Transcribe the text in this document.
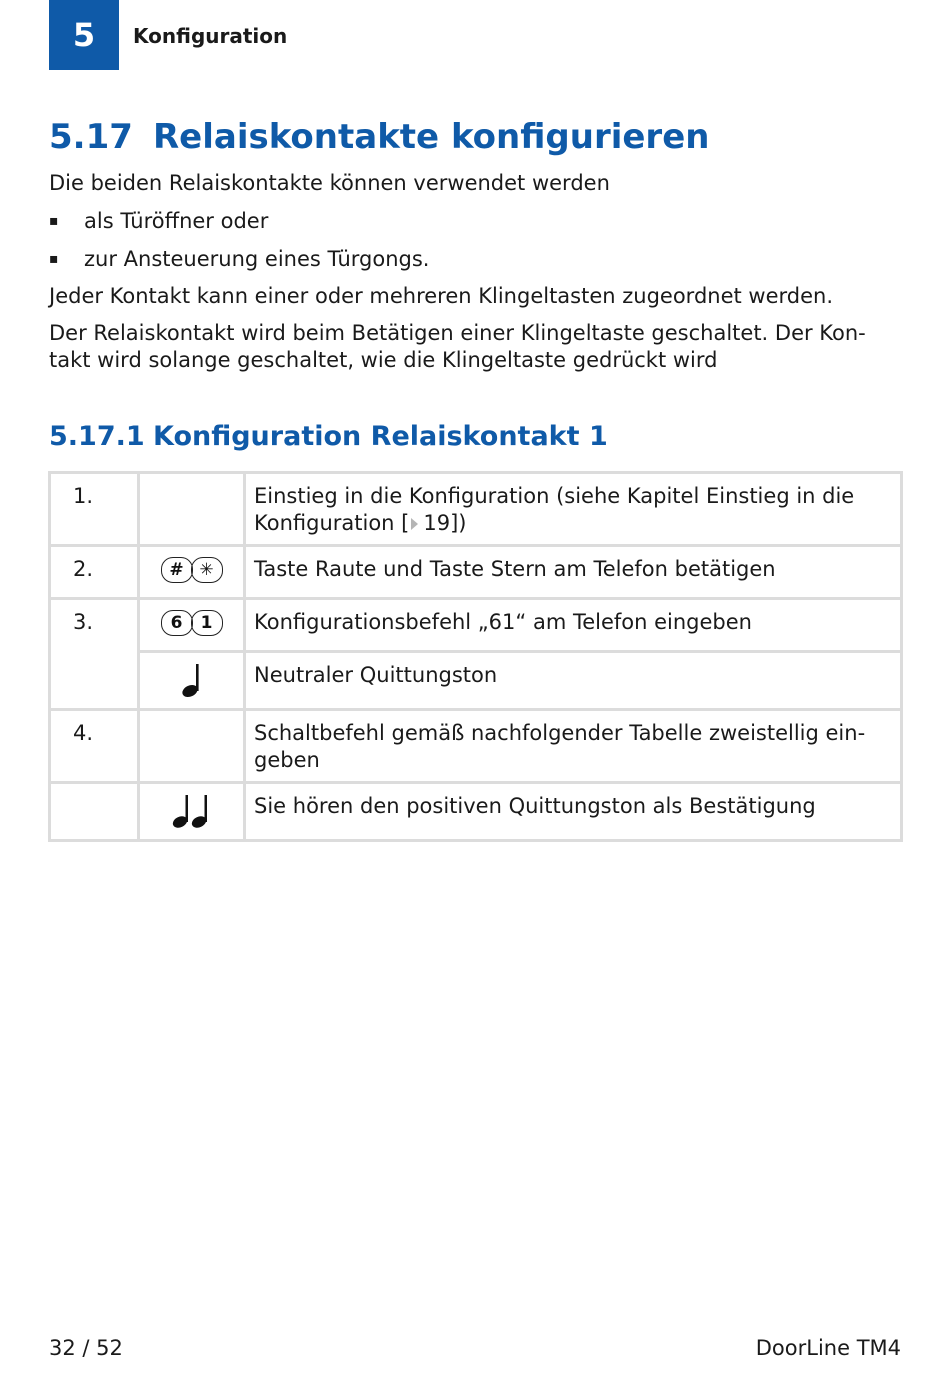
5 Konfiguration
5.17 Relaiskontakte konfigurieren
Die beiden Relaiskontakte können verwendet werden
▪ als Türöffner oder
▪ zur Ansteuerung eines Türgongs.
Jeder Kontakt kann einer oder mehreren Klingeltasten zugeordnet werden.
Der Relaiskontakt wird beim Betätigen einer Klingeltaste geschaltet. Der Kon-
takt wird solange geschaltet, wie die Klingeltaste gedrückt wird
5.17.1 Konfiguration Relaiskontakt 1
1.		Einstieg in die Konfiguration (siehe Kapitel Einstieg in die
Konfiguration [ 19])

2.	# ✳	Taste Raute und Taste Stern am Telefon betätigen
3.	6 1	Konfigurationsbefehl „61“ am Telefon eingeben
		Neutraler Quittungston
4.		Schaltbefehl gemäß nachfolgender Tabelle zweistellig ein-
geben

		Sie hören den positiven Quittungston als Bestätigung
32 / 52	DoorLine TM4
